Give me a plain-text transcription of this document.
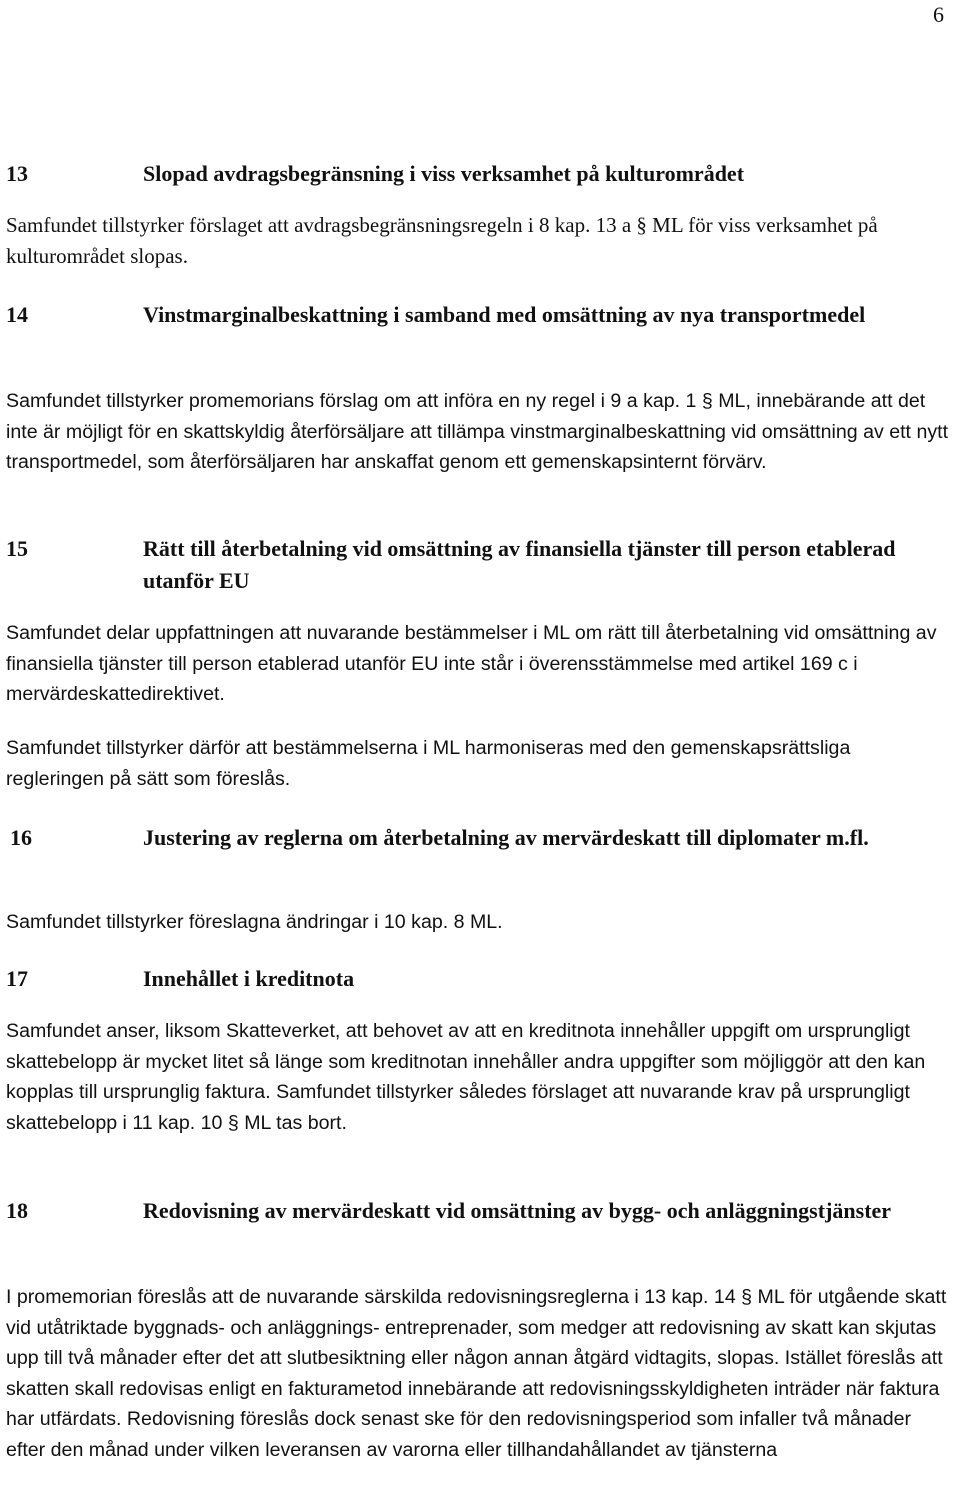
6
13	Slopad avdragsbegränsning i viss verksamhet på kulturområdet

Samfundet tillstyrker förslaget att avdragsbegränsningsregeln i 8 kap. 13 a § ML för viss verksamhet på kulturområdet slopas.

14	Vinstmarginalbeskattning i samband med omsättning av nya transportmedel

Samfundet tillstyrker promemorians förslag om att införa en ny regel i 9 a kap. 1 § ML, innebärande att det inte är möjligt för en skattskyldig återförsäljare att tillämpa vinstmarginalbeskattning vid omsättning av ett nytt transportmedel, som återförsäljaren har anskaffat genom ett gemenskapsinternt förvärv.

15	Rätt till återbetalning vid omsättning av finansiella tjänster till person etablerad utanför EU

Samfundet delar uppfattningen att nuvarande bestämmelser i ML om rätt till återbetalning vid omsättning av finansiella tjänster till person etablerad utanför EU inte står i överensstämmelse med artikel 169 c i mervärdeskattedirektivet.

Samfundet tillstyrker därför att bestämmelserna i ML harmoniseras med den gemenskapsrättsliga regleringen på sätt som föreslås.

16	Justering av reglerna om återbetalning av mervärdeskatt till diplomater m.fl.

Samfundet tillstyrker föreslagna ändringar i 10 kap. 8 ML.

17	Innehållet i kreditnota

Samfundet anser, liksom Skatteverket, att behovet av att en kreditnota innehåller uppgift om ursprungligt skattebelopp är mycket litet så länge som kreditnotan innehåller andra uppgifter som möjliggör att den kan kopplas till ursprunglig faktura. Samfundet tillstyrker således förslaget att nuvarande krav på ursprungligt skattebelopp i 11 kap. 10 § ML tas bort.

18	Redovisning av mervärdeskatt vid omsättning av bygg- och anläggningstjänster

I promemorian föreslås att de nuvarande särskilda redovisningsreglerna i 13 kap. 14 § ML för utgående skatt vid utåtriktade byggnads- och anläggnings- entreprenader, som medger att redovisning av skatt kan skjutas upp till två månader efter det att slutbesiktning eller någon annan åtgärd vidtagits, slopas. Istället föreslås att skatten skall redovisas enligt en fakturametod innebärande att redovisningsskyldigheten inträder när faktura har utfärdats. Redovisning föreslås dock senast ske för den redovisningsperiod som infaller två månader efter den månad under vilken leveransen av varorna eller tillhandahållandet av tjänsterna
